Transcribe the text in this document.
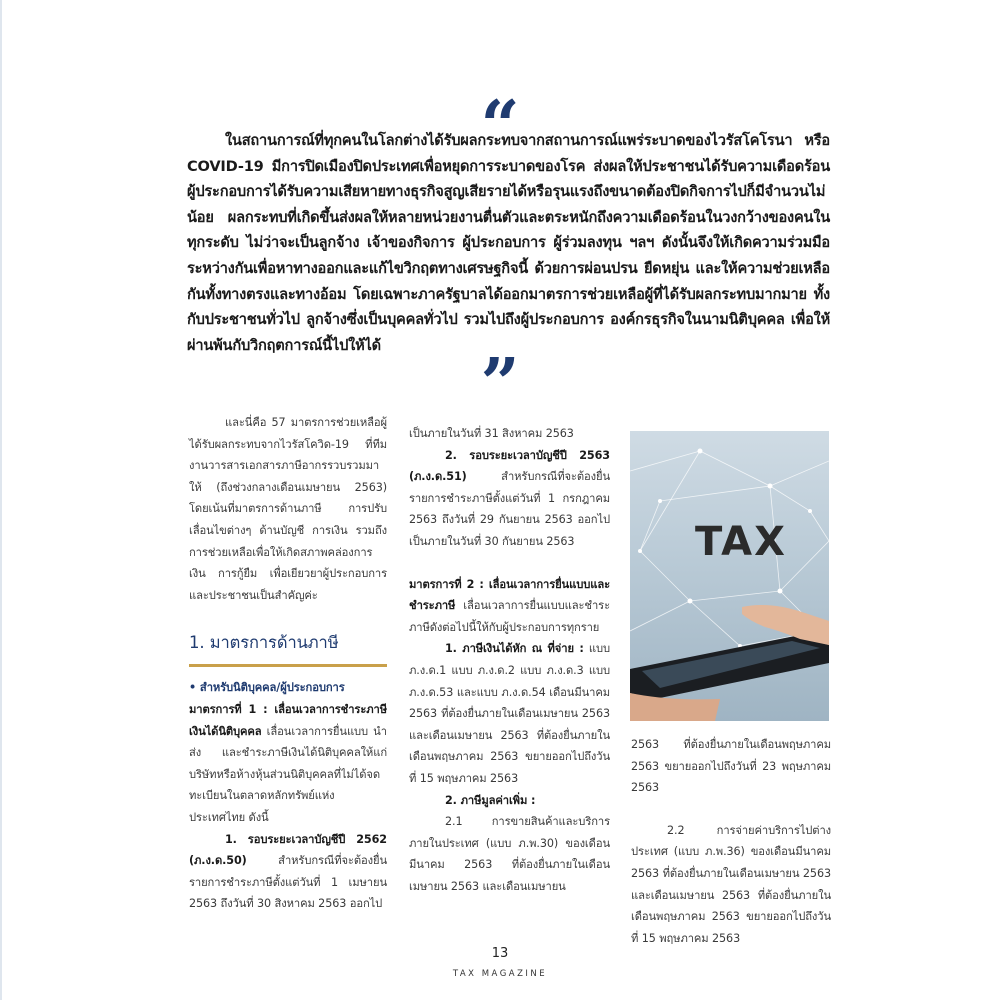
“

ในสถานการณ์ที่ทุกคนในโลกต่างได้รับผลกระทบจากสถานการณ์แพร่ระบาดของไวรัสโคโรนา หรือ COVID-19 มีการปิดเมืองปิดประเทศเพื่อหยุดการระบาดของโรค ส่งผลให้ประชาชนได้รับความเดือดร้อน ผู้ประกอบการได้รับความเสียหายทางธุรกิจสูญเสียรายได้หรือรุนแรงถึงขนาดต้องปิดกิจการไปก็มีจำนวนไม่น้อย ผลกระทบที่เกิดขึ้นส่งผลให้หลายหน่วยงานตื่นตัวและตระหนักถึงความเดือดร้อนในวงกว้างของคนในทุกระดับ ไม่ว่าจะเป็นลูกจ้าง เจ้าของกิจการ ผู้ประกอบการ ผู้ร่วมลงทุน ฯลฯ ดังนั้นจึงให้เกิดความร่วมมือระหว่างกันเพื่อหาทางออกและแก้ไขวิกฤตทางเศรษฐกิจนี้ ด้วยการผ่อนปรน ยืดหยุ่น และให้ความช่วยเหลือกันทั้งทางตรงและทางอ้อม โดยเฉพาะภาครัฐบาลได้ออกมาตรการช่วยเหลือผู้ที่ได้รับผลกระทบมากมาย ทั้งกับประชาชนทั่วไป ลูกจ้างซึ่งเป็นบุคคลทั่วไป รวมไปถึงผู้ประกอบการ องค์กรธุรกิจในนามนิติบุคคล เพื่อให้ผ่านพ้นกับวิกฤตการณ์นี้ไปให้ได้	”

และนี่คือ 57 มาตรการช่วยเหลือผู้ได้รับผลกระทบจากไวรัสโควิด-19 ที่ทีมงานวารสารเอกสารภาษีอากรรวบรวมมาให้ (ถึงช่วงกลางเดือนเมษายน 2563) โดยเน้นที่มาตรการด้านภาษี การปรับเลื่อนไขต่างๆ ด้านบัญชี การเงิน รวมถึงการช่วยเหลือเพื่อให้เกิดสภาพคล่องการเงิน การกู้ยืม เพื่อเยียวยาผู้ประกอบการและประชาชนเป็นสำคัญค่ะ

1. มาตรการด้านภาษี

• สำหรับนิติบุคคล/ผู้ประกอบการ

มาตรการที่ 1 : เลื่อนเวลาการชำระภาษีเงินได้นิติบุคคล เลื่อนเวลาการยื่นแบบ นำส่ง และชำระภาษีเงินได้นิติบุคคลให้แก่บริษัทหรือห้างหุ้นส่วนนิติบุคคลที่ไม่ได้จดทะเบียนในตลาดหลักทรัพย์แห่งประเทศไทย ดังนี้

1. รอบระยะเวลาบัญชีปี 2562 (ภ.ง.ด.50) สำหรับกรณีที่จะต้องยื่นรายการชำระภาษีตั้งแต่วันที่ 1 เมษายน 2563 ถึงวันที่ 30 สิงหาคม 2563 ออกไป

เป็นภายในวันที่ 31 สิงหาคม 2563

2. รอบระยะเวลาบัญชีปี 2563 (ภ.ง.ด.51) สำหรับกรณีที่จะต้องยื่นรายการชำระภาษีตั้งแต่วันที่ 1 กรกฎาคม 2563 ถึงวันที่ 29 กันยายน 2563 ออกไปเป็นภายในวันที่ 30 กันยายน 2563

มาตรการที่ 2 : เลื่อนเวลาการยื่นแบบและชำระภาษี เลื่อนเวลาการยื่นแบบและชำระภาษีดังต่อไปนี้ให้กับผู้ประกอบการทุกราย

1. ภาษีเงินได้หัก ณ ที่จ่าย : แบบ ภ.ง.ด.1 แบบ ภ.ง.ด.2 แบบ ภ.ง.ด.3 แบบ ภ.ง.ด.53 และแบบ ภ.ง.ด.54 เดือนมีนาคม 2563 ที่ต้องยื่นภายในเดือนเมษายน 2563 และเดือนเมษายน 2563 ที่ต้องยื่นภายในเดือนพฤษภาคม 2563 ขยายออกไปถึงวันที่ 15 พฤษภาคม 2563

2. ภาษีมูลค่าเพิ่ม :

2.1 การขายสินค้าและบริการภายในประเทศ (แบบ ภ.พ.30) ของเดือนมีนาคม 2563 ที่ต้องยื่นภายในเดือนเมษายน 2563 และเดือนเมษายน

TAX

2563 ที่ต้องยื่นภายในเดือนพฤษภาคม 2563 ขยายออกไปถึงวันที่ 23 พฤษภาคม 2563

2.2 การจ่ายค่าบริการไปต่างประเทศ (แบบ ภ.พ.36) ของเดือนมีนาคม 2563 ที่ต้องยื่นภายในเดือนเมษายน 2563 และเดือนเมษายน 2563 ที่ต้องยื่นภายในเดือนพฤษภาคม 2563 ขยายออกไปถึงวันที่ 15 พฤษภาคม 2563

13
TAX MAGAZINE
